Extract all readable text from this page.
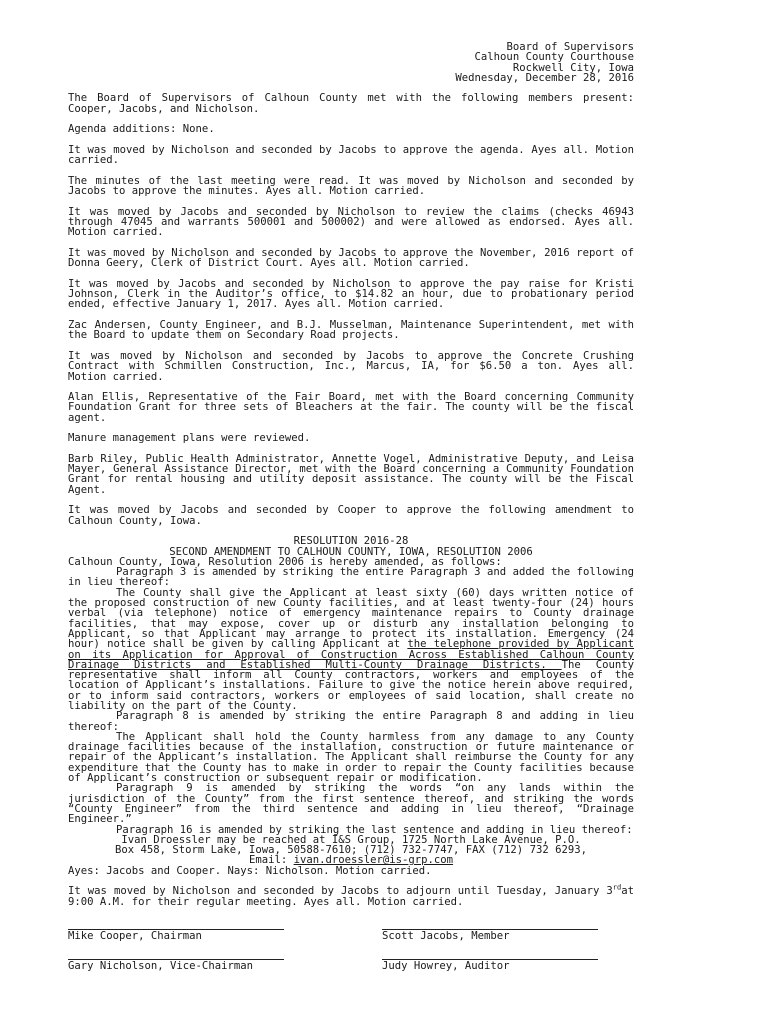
Board of Supervisors
Calhoun County Courthouse
Rockwell City, Iowa
Wednesday, December 28, 2016

The Board of Supervisors of Calhoun County met with the following members present: Cooper, Jacobs, and Nicholson.

Agenda additions: None.

It was moved by Nicholson and seconded by Jacobs to approve the agenda. Ayes all. Motion carried.

The minutes of the last meeting were read. It was moved by Nicholson and seconded by Jacobs to approve the minutes. Ayes all. Motion carried.

It was moved by Jacobs and seconded by Nicholson to review the claims (checks 46943 through 47045 and warrants 500001 and 500002) and were allowed as endorsed. Ayes all. Motion carried.

It was moved by Nicholson and seconded by Jacobs to approve the November, 2016 report of Donna Geery, Clerk of District Court. Ayes all. Motion carried.

It was moved by Jacobs and seconded by Nicholson to approve the pay raise for Kristi Johnson, Clerk in the Auditor’s office, to $14.82 an hour, due to probationary period ended, effective January 1, 2017. Ayes all. Motion carried.

Zac Andersen, County Engineer, and B.J. Musselman, Maintenance Superintendent, met with the Board to update them on Secondary Road projects.

It was moved by Nicholson and seconded by Jacobs to approve the Concrete Crushing Contract with Schmillen Construction, Inc., Marcus, IA, for $6.50 a ton. Ayes all. Motion carried.

Alan Ellis, Representative of the Fair Board, met with the Board concerning Community Foundation Grant for three sets of Bleachers at the fair. The county will be the fiscal agent.

Manure management plans were reviewed.

Barb Riley, Public Health Administrator, Annette Vogel, Administrative Deputy, and Leisa Mayer, General Assistance Director, met with the Board concerning a Community Foundation Grant for rental housing and utility deposit assistance. The county will be the Fiscal Agent.

It was moved by Jacobs and seconded by Cooper to approve the following amendment to Calhoun County, Iowa.

RESOLUTION 2016-28

SECOND AMENDMENT TO CALHOUN COUNTY, IOWA, RESOLUTION 2006

Calhoun County, Iowa, Resolution 2006 is hereby amended, as follows:

Paragraph 3 is amended by striking the entire Paragraph 3 and added the following in lieu thereof:

The County shall give the Applicant at least sixty (60) days written notice of the proposed construction of new County facilities, and at least twenty-four (24) hours verbal (via telephone) notice of emergency maintenance repairs to County drainage facilities, that may expose, cover up or disturb any installation belonging to Applicant, so that Applicant may arrange to protect its installation. Emergency (24 hour) notice shall be given by calling Applicant at the telephone provided by Applicant on its Application for Approval of Construction Across Established Calhoun County Drainage Districts and Established Multi-County Drainage Districts. The County representative shall inform all County contractors, workers and employees of the location of Applicant’s installations. Failure to give the notice herein above required, or to inform said contractors, workers or employees of said location, shall create no liability on the part of the County.

Paragraph 8 is amended by striking the entire Paragraph 8 and adding in lieu thereof:

The Applicant shall hold the County harmless from any damage to any County drainage facilities because of the installation, construction or future maintenance or repair of the Applicant’s installation. The Applicant shall reimburse the County for any expenditure that the County has to make in order to repair the County facilities because of Applicant’s construction or subsequent repair or modification.

Paragraph 9 is amended by striking the words “on any lands within the jurisdiction of the County” from the first sentence thereof, and striking the words “County Engineer” from the third sentence and adding in lieu thereof, “Drainage Engineer.”

Paragraph 16 is amended by striking the last sentence and adding in lieu thereof:

Ivan Droessler may be reached at I&S Group, 1725 North Lake Avenue, P.O.

Box 458, Storm Lake, Iowa, 50588-7610; (712) 732-7747, FAX (712) 732 6293,

Email: ivan.droessler@is-grp.com

Ayes: Jacobs and Cooper. Nays: Nicholson. Motion carried.

It was moved by Nicholson and seconded by Jacobs to adjourn until Tuesday, January 3rdat 9:00 A.M. for their regular meeting. Ayes all. Motion carried.

Mike Cooper, Chairman	Scott Jacobs, Member
Gary Nicholson, Vice-Chairman	Judy Howrey, Auditor
